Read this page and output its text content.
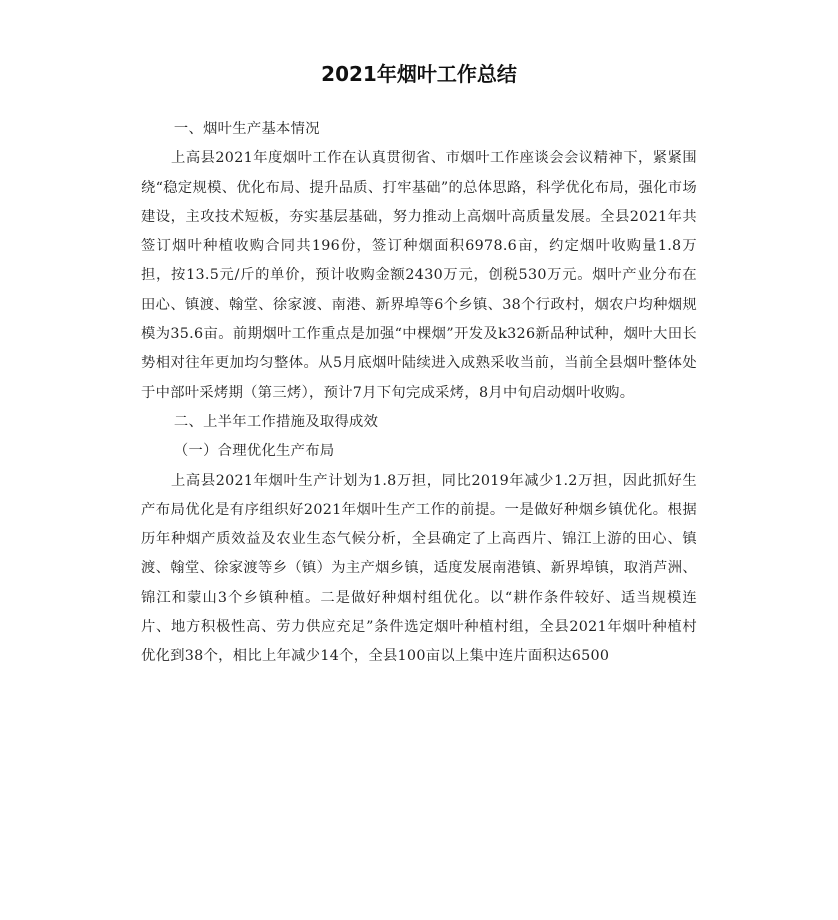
2021年烟叶工作总结

一、烟叶生产基本情况

上高县2021年度烟叶工作在认真贯彻省、市烟叶工作座谈会会议精神下，紧紧围绕“稳定规模、优化布局、提升品质、打牢基础”的总体思路，科学优化布局，强化市场建设，主攻技术短板，夯实基层基础，努力推动上高烟叶高质量发展。全县2021年共签订烟叶种植收购合同共196份，签订种烟面积6978.6亩，约定烟叶收购量1.8万担，按13.5元/斤的单价，预计收购金额2430万元，创税530万元。烟叶产业分布在田心、镇渡、翰堂、徐家渡、南港、新界埠等6个乡镇、38个行政村，烟农户均种烟规模为35.6亩。前期烟叶工作重点是加强“中棵烟”开发及k326新品种试种，烟叶大田长势相对往年更加均匀整体。从5月底烟叶陆续进入成熟采收当前，当前全县烟叶整体处于中部叶采烤期（第三烤），预计7月下旬完成采烤，8月中旬启动烟叶收购。

二、上半年工作措施及取得成效

（一）合理优化生产布局

上高县2021年烟叶生产计划为1.8万担，同比2019年减少1.2万担，因此抓好生产布局优化是有序组织好2021年烟叶生产工作的前提。一是做好种烟乡镇优化。根据历年种烟产质效益及农业生态气候分析，全县确定了上高西片、锦江上游的田心、镇渡、翰堂、徐家渡等乡（镇）为主产烟乡镇，适度发展南港镇、新界埠镇，取消芦洲、锦江和蒙山3个乡镇种植。二是做好种烟村组优化。以“耕作条件较好、适当规模连片、地方积极性高、劳力供应充足”条件选定烟叶种植村组，全县2021年烟叶种植村优化到38个，相比上年减少14个，全县100亩以上集中连片面积达6500
